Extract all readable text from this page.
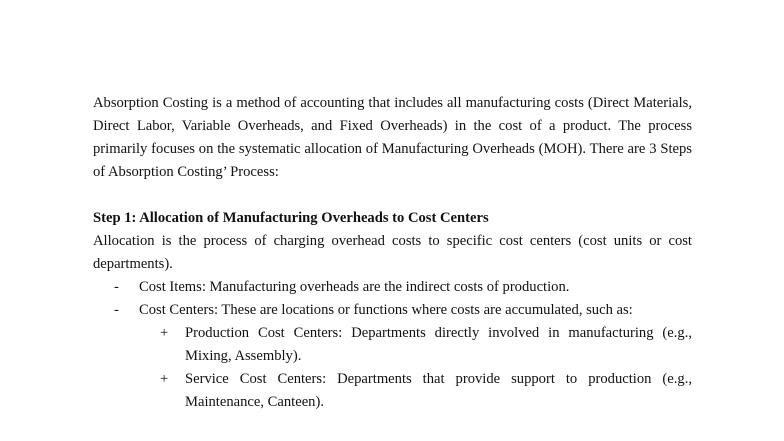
Absorption Costing is a method of accounting that includes all manufacturing costs (Direct Materials, Direct Labor, Variable Overheads, and Fixed Overheads) in the cost of a product. The process primarily focuses on the systematic allocation of Manufacturing Overheads (MOH). There are 3 Steps of Absorption Costing’ Process:

Step 1: Allocation of Manufacturing Overheads to Cost Centers

Allocation is the process of charging overhead costs to specific cost centers (cost units or cost departments).

- Cost Items: Manufacturing overheads are the indirect costs of production.
- Cost Centers: These are locations or functions where costs are accumulated, such as:
+ Production Cost Centers: Departments directly involved in manufacturing (e.g., Mixing, Assembly).
+ Service Cost Centers: Departments that provide support to production (e.g., Maintenance, Canteen).
